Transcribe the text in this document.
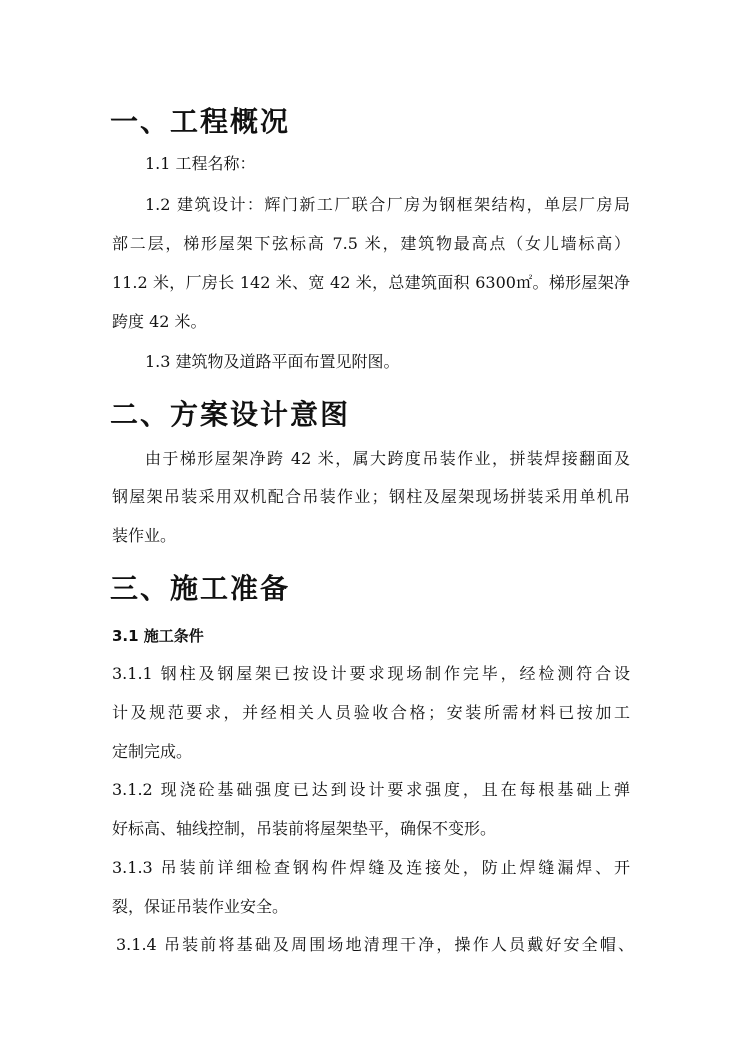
一、工程概况
1.1 工程名称：
1.2 建筑设计：辉门新工厂联合厂房为钢框架结构，单层厂房局
部二层，梯形屋架下弦标高 7.5 米，建筑物最高点（女儿墙标高）
11.2 米，厂房长 142 米、宽 42 米，总建筑面积 6300㎡。梯形屋架净
跨度 42 米。
1.3 建筑物及道路平面布置见附图。
二、方案设计意图
由于梯形屋架净跨 42 米，属大跨度吊装作业，拼装焊接翻面及
钢屋架吊装采用双机配合吊装作业；钢柱及屋架现场拼装采用单机吊
装作业。
三、施工准备
3.1 施工条件
3.1.1 钢柱及钢屋架已按设计要求现场制作完毕，经检测符合设
计及规范要求，并经相关人员验收合格；安装所需材料已按加工
定制完成。
3.1.2 现浇砼基础强度已达到设计要求强度，且在每根基础上弹
好标高、轴线控制，吊装前将屋架垫平，确保不变形。
3.1.3 吊装前详细检查钢构件焊缝及连接处，防止焊缝漏焊、开
裂，保证吊装作业安全。
3.1.4 吊装前将基础及周围场地清理干净，操作人员戴好安全帽、
